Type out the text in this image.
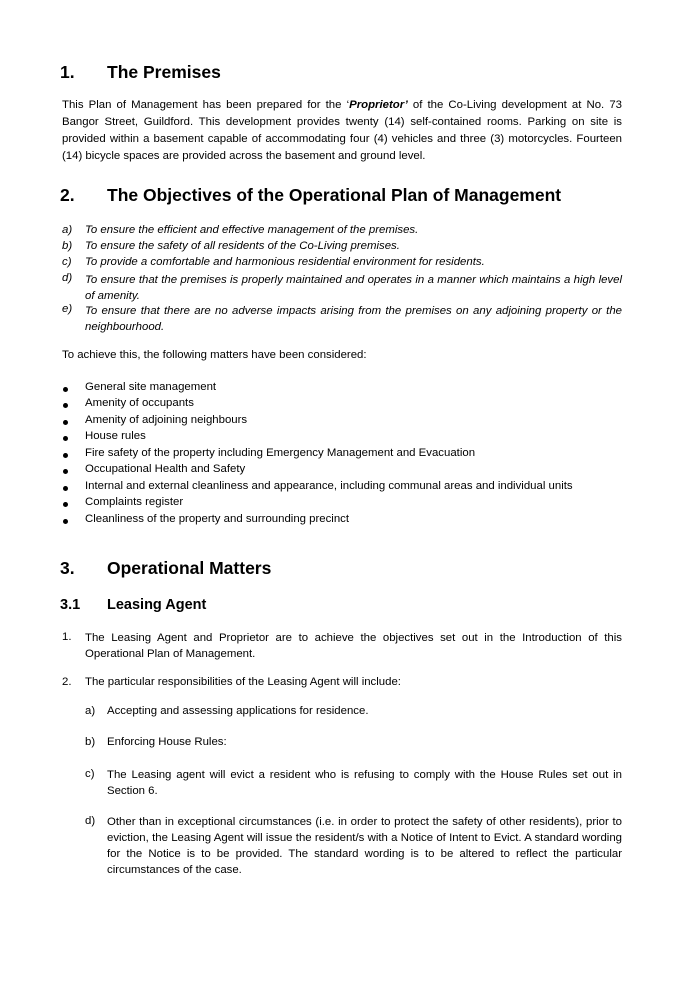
1. The Premises
This Plan of Management has been prepared for the ‘Proprietor’ of the Co-Living development at No. 73 Bangor Street, Guildford. This development provides twenty (14) self-contained rooms. Parking on site is provided within a basement capable of accommodating four (4) vehicles and three (3) motorcycles. Fourteen (14) bicycle spaces are provided across the basement and ground level.
2. The Objectives of the Operational Plan of Management
a) To ensure the efficient and effective management of the premises.
b) To ensure the safety of all residents of the Co-Living premises.
c) To provide a comfortable and harmonious residential environment for residents.
d) To ensure that the premises is properly maintained and operates in a manner which maintains a high level of amenity.
e) To ensure that there are no adverse impacts arising from the premises on any adjoining property or the neighbourhood.
To achieve this, the following matters have been considered:
General site management
Amenity of occupants
Amenity of adjoining neighbours
House rules
Fire safety of the property including Emergency Management and Evacuation
Occupational Health and Safety
Internal and external cleanliness and appearance, including communal areas and individual units
Complaints register
Cleanliness of the property and surrounding precinct
3. Operational Matters
3.1 Leasing Agent
1. The Leasing Agent and Proprietor are to achieve the objectives set out in the Introduction of this Operational Plan of Management.
2. The particular responsibilities of the Leasing Agent will include:
a) Accepting and assessing applications for residence.
b) Enforcing House Rules:
c) The Leasing agent will evict a resident who is refusing to comply with the House Rules set out in Section 6.
d) Other than in exceptional circumstances (i.e. in order to protect the safety of other residents), prior to eviction, the Leasing Agent will issue the resident/s with a Notice of Intent to Evict. A standard wording for the Notice is to be provided. The standard wording is to be altered to reflect the particular circumstances of the case.
